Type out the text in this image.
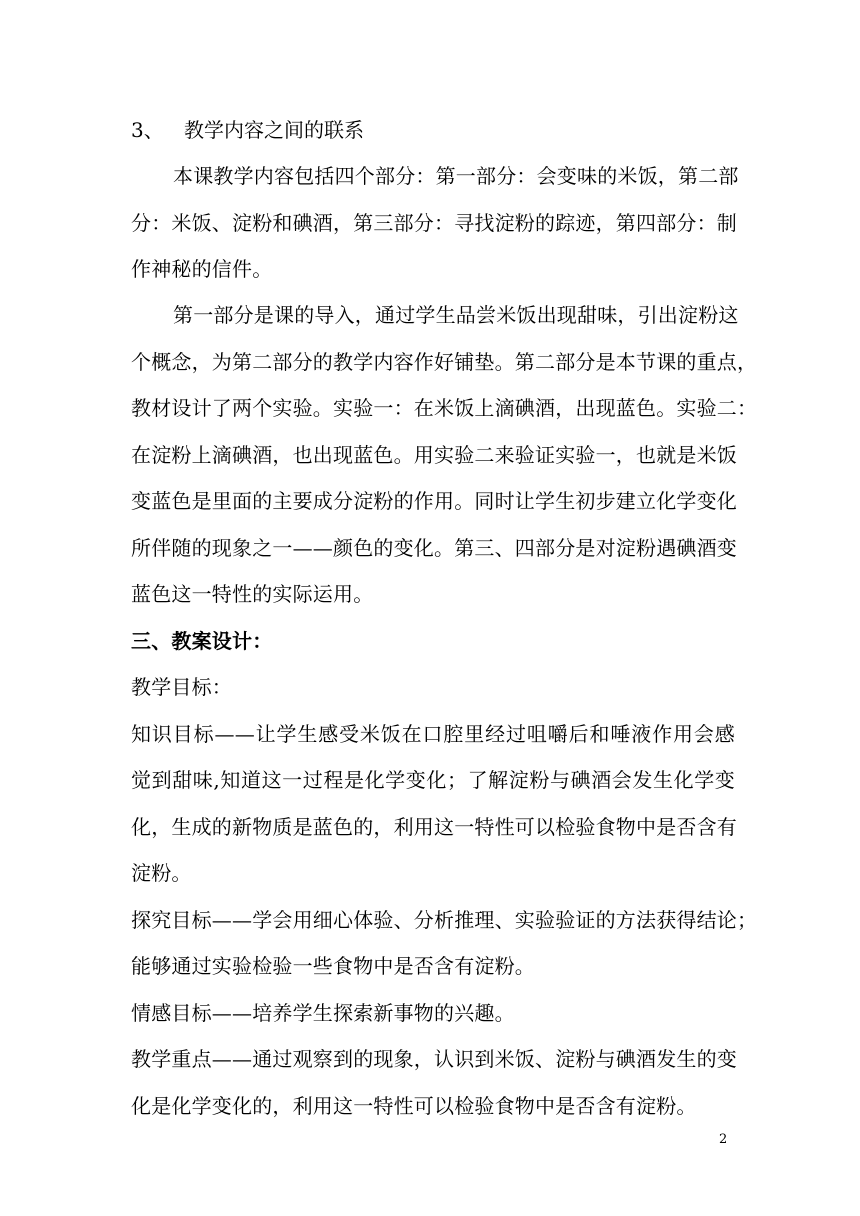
3、 教学内容之间的联系
本课教学内容包括四个部分：第一部分：会变味的米饭，第二部
分：米饭、淀粉和碘酒，第三部分：寻找淀粉的踪迹，第四部分：制
作神秘的信件。
第一部分是课的导入，通过学生品尝米饭出现甜味，引出淀粉这
个概念，为第二部分的教学内容作好铺垫。第二部分是本节课的重点，
教材设计了两个实验。实验一：在米饭上滴碘酒，出现蓝色。实验二：
在淀粉上滴碘酒，也出现蓝色。用实验二来验证实验一，也就是米饭
变蓝色是里面的主要成分淀粉的作用。同时让学生初步建立化学变化
所伴随的现象之一——颜色的变化。第三、四部分是对淀粉遇碘酒变
蓝色这一特性的实际运用。
三、教案设计：
教学目标：
知识目标——让学生感受米饭在口腔里经过咀嚼后和唾液作用会感
觉到甜味,知道这一过程是化学变化；了解淀粉与碘酒会发生化学变
化，生成的新物质是蓝色的，利用这一特性可以检验食物中是否含有
淀粉。
探究目标——学会用细心体验、分析推理、实验验证的方法获得结论；
能够通过实验检验一些食物中是否含有淀粉。
情感目标——培养学生探索新事物的兴趣。
教学重点——通过观察到的现象，认识到米饭、淀粉与碘酒发生的变
化是化学变化的，利用这一特性可以检验食物中是否含有淀粉。
2
